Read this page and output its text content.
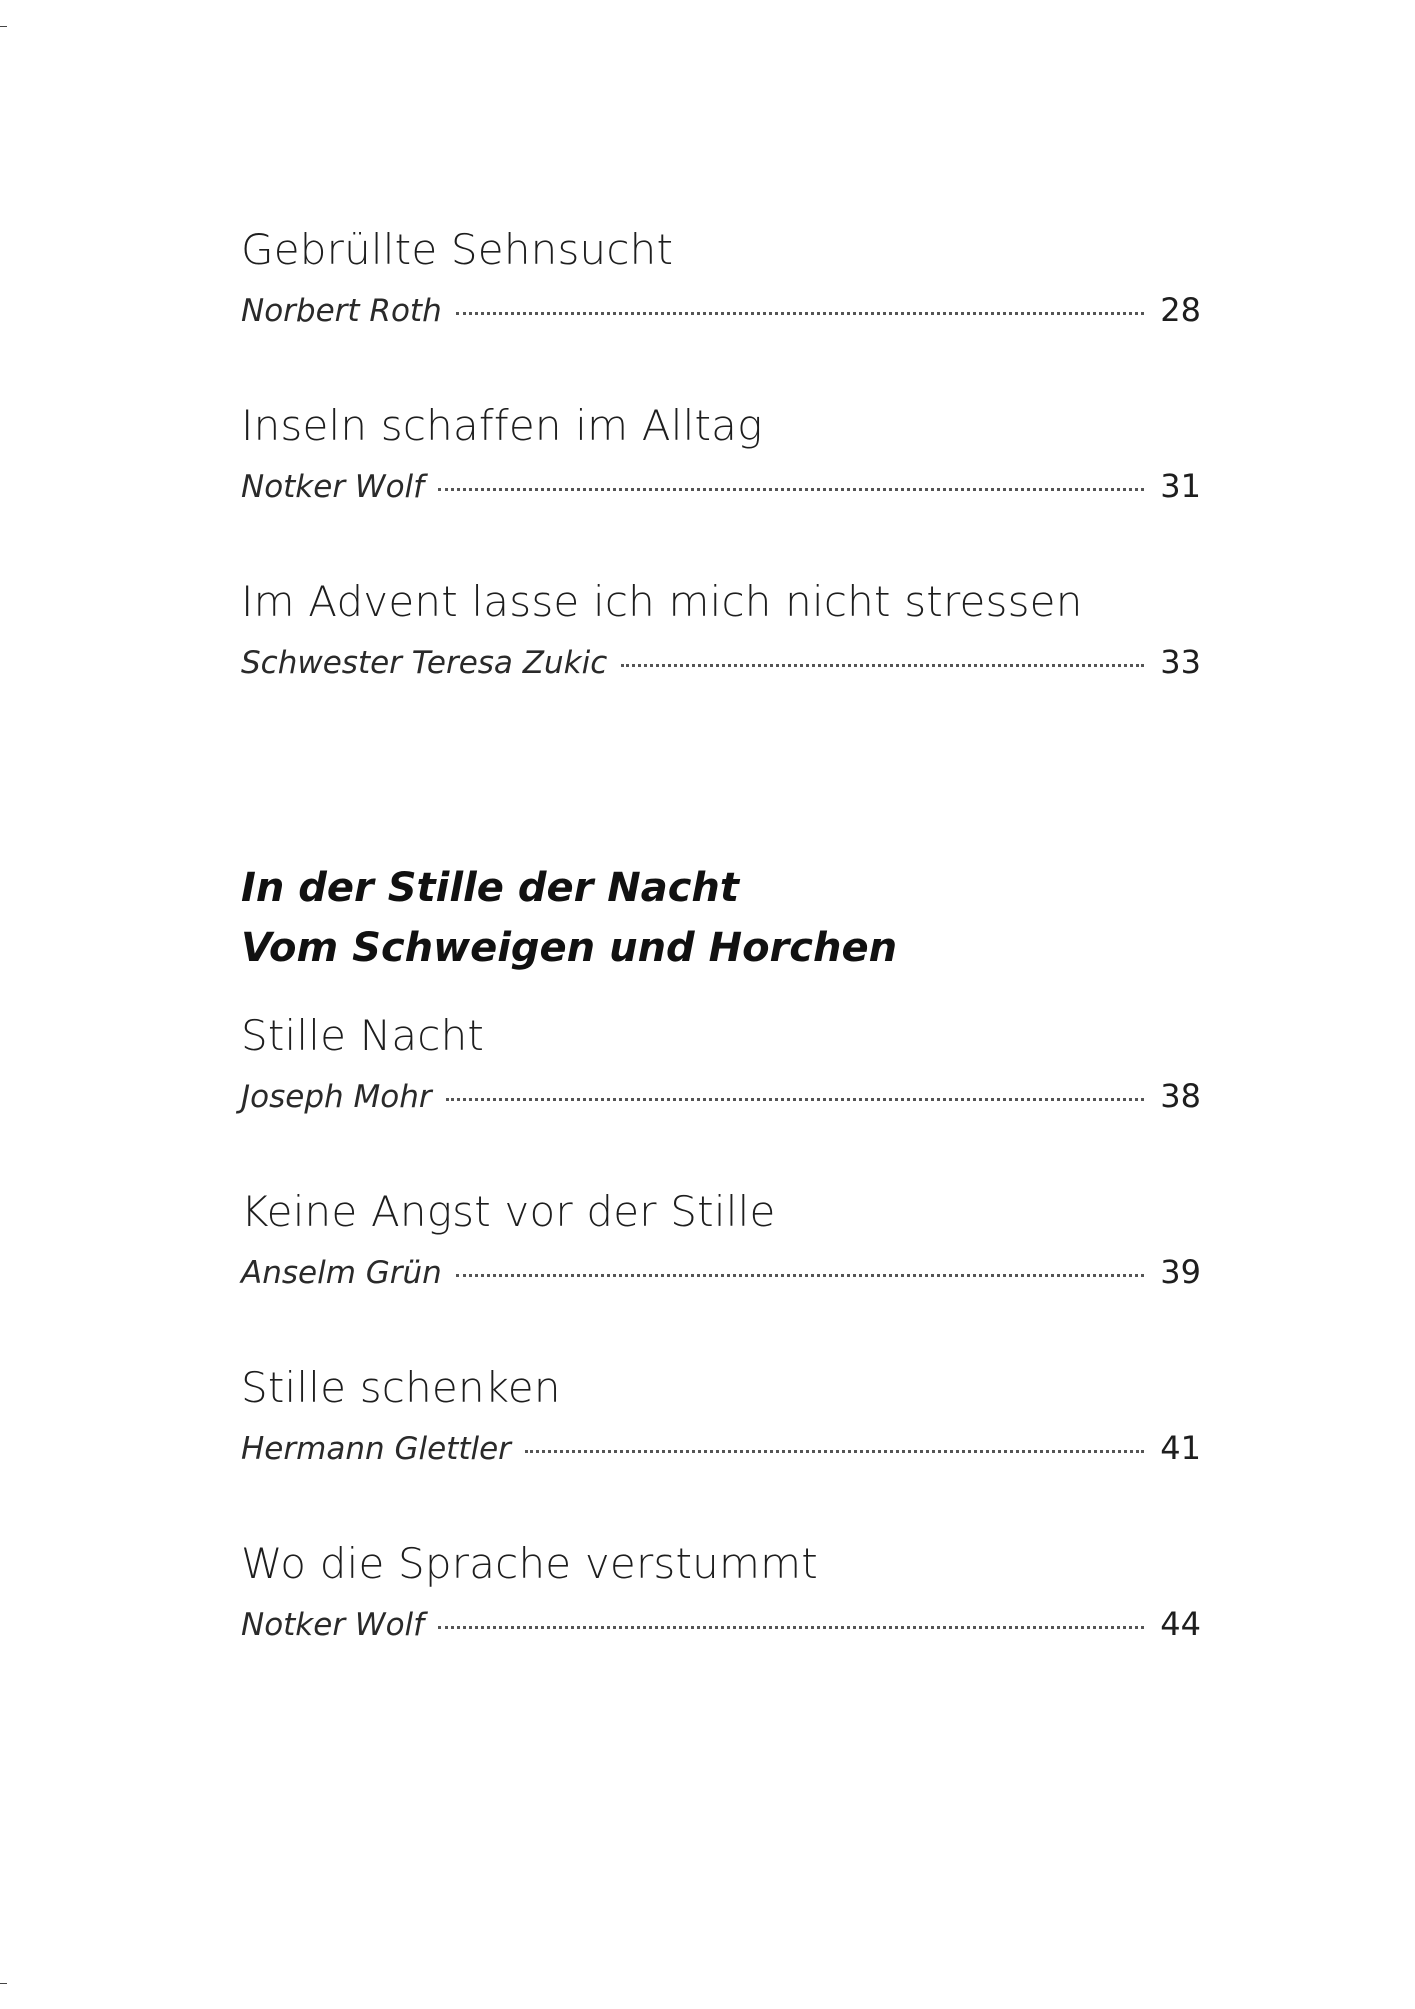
Gebrüllte Sehnsucht
Norbert Roth	28
Inseln schaffen im Alltag
Notker Wolf	31
Im Advent lasse ich mich nicht stressen
Schwester Teresa Zukic	33
In der Stille der Nacht
Vom Schweigen und Horchen
Stille Nacht
Joseph Mohr	38
Keine Angst vor der Stille
Anselm Grün	39
Stille schenken
Hermann Glettler	41
Wo die Sprache verstummt
Notker Wolf	44
